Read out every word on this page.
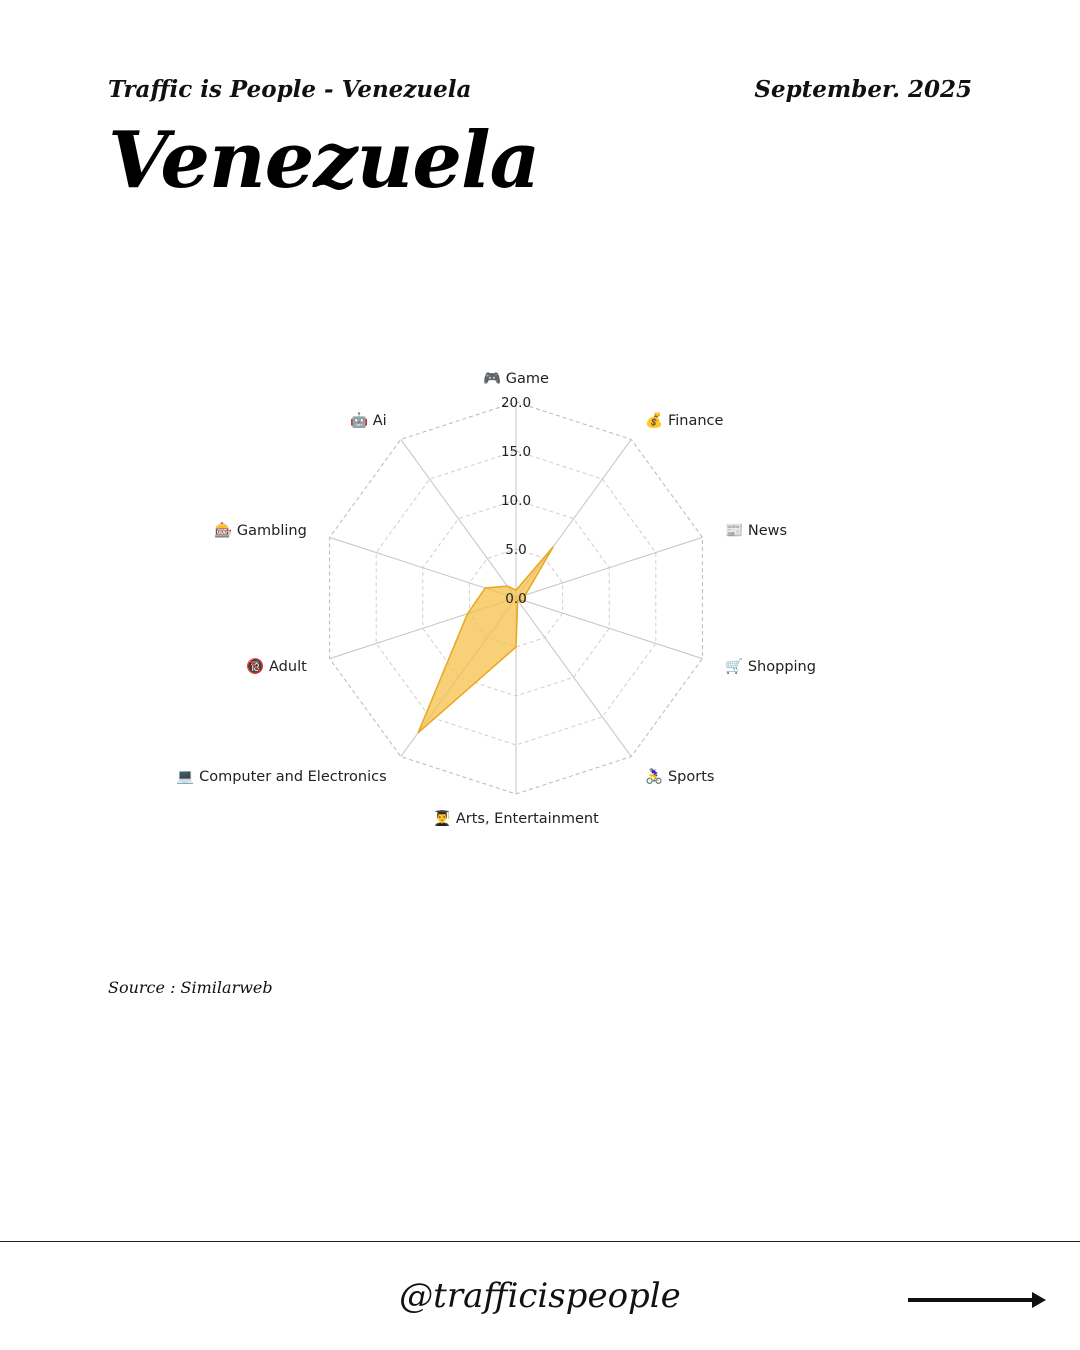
Traffic is People - Venezuela	September. 2025
Venezuela
0.0
5.0
10.0
15.0
20.0
🎮 Game
💰 Finance
📰 News
🛒 Shopping
🚴‍♀️ Sports
👨‍🎓 Arts, Entertainment
💻 Computer and Electronics
🔞 Adult
🎰 Gambling
🤖 Ai
Source : Similarweb
@trafficispeople
